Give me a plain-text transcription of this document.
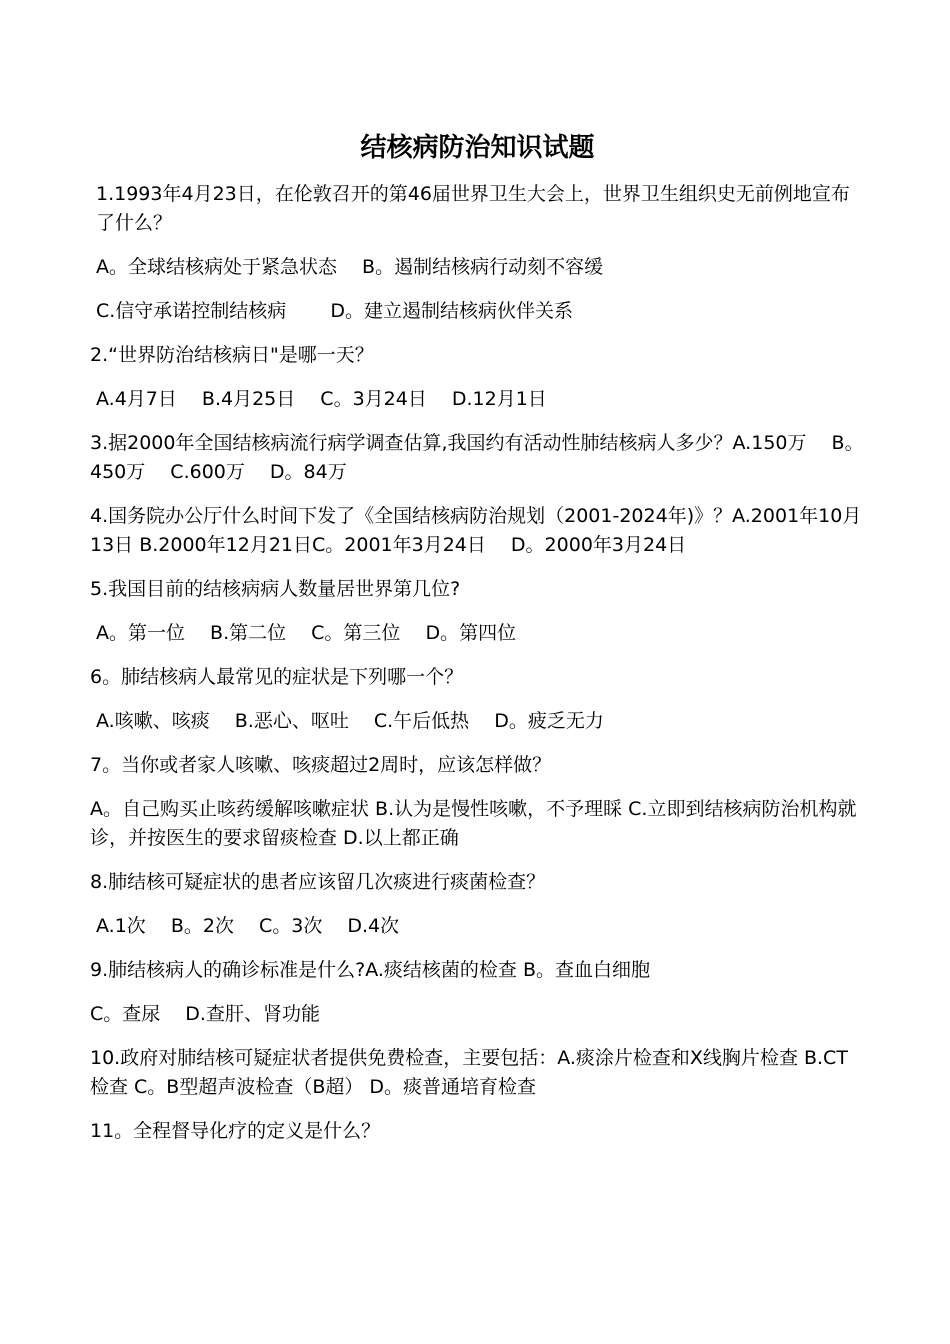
结核病防治知识试题

1.1993年4月23日，在伦敦召开的第46届世界卫生大会上，世界卫生组织史无前例地宣布了什么？

A。全球结核病处于紧急状态 　B。遏制结核病行动刻不容缓

C.信守承诺控制结核病 　　D。建立遏制结核病伙伴关系

2.“世界防治结核病日"是哪一天？

A.4月7日 　B.4月25日 　C。3月24日 　D.12月1日

3.据2000年全国结核病流行病学调查估算,我国约有活动性肺结核病人多少？A.150万 　B。450万 　C.600万 　D。84万

4.国务院办公厅什么时间下发了《全国结核病防治规划（2001-2024年)》？A.2001年10月13日 B.2000年12月21日C。2001年3月24日 　D。2000年3月24日

5.我国目前的结核病病人数量居世界第几位?

A。第一位 　B.第二位 　C。第三位 　D。第四位

6。肺结核病人最常见的症状是下列哪一个？

A.咳嗽、咳痰 　B.恶心、呕吐 　C.午后低热 　D。疲乏无力

7。当你或者家人咳嗽、咳痰超过2周时，应该怎样做？

A。自己购买止咳药缓解咳嗽症状 B.认为是慢性咳嗽，不予理睬 C.立即到结核病防治机构就诊，并按医生的要求留痰检查 D.以上都正确

8.肺结核可疑症状的患者应该留几次痰进行痰菌检查？

A.1次 　B。2次 　C。3次 　D.4次

9.肺结核病人的确诊标准是什么?A.痰结核菌的检查 B。查血白细胞

C。查尿 　D.查肝、肾功能

10.政府对肺结核可疑症状者提供免费检查，主要包括：A.痰涂片检查和X线胸片检查 B.CT检查 C。B型超声波检查（B超） D。痰普通培育检查

11。全程督导化疗的定义是什么？
